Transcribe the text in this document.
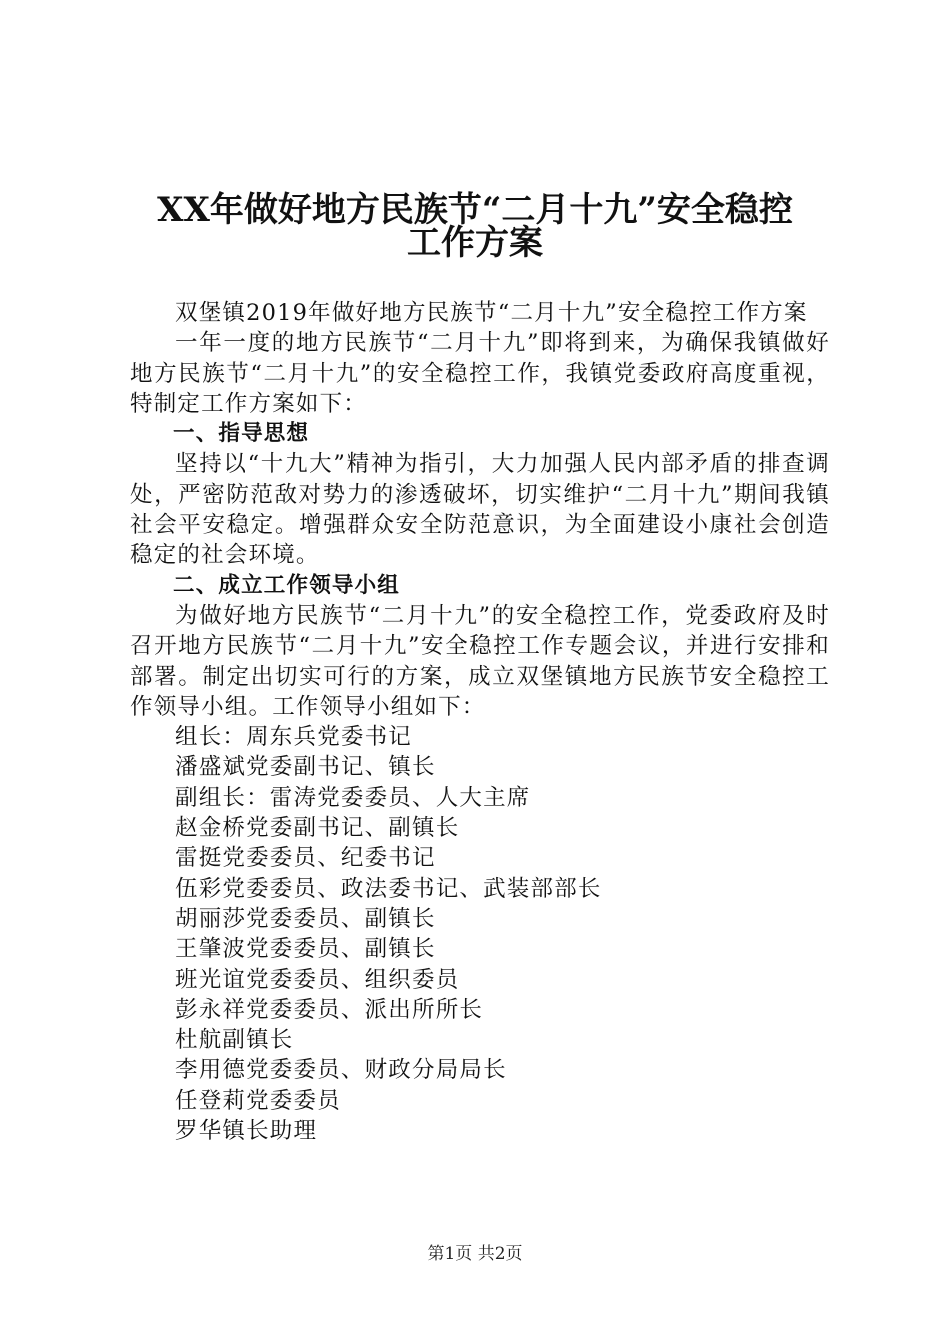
XX年做好地方民族节“二月十九”安全稳控
工作方案

双堡镇2019年做好地方民族节“二月十九”安全稳控工作方案

一年一度的地方民族节“二月十九”即将到来，为确保我镇做好地方民族节“二月十九”的安全稳控工作，我镇党委政府高度重视，特制定工作方案如下：

一、指导思想

坚持以“十九大”精神为指引，大力加强人民内部矛盾的排查调处，严密防范敌对势力的渗透破坏，切实维护“二月十九”期间我镇社会平安稳定。增强群众安全防范意识，为全面建设小康社会创造稳定的社会环境。

二、成立工作领导小组

为做好地方民族节“二月十九”的安全稳控工作，党委政府及时召开地方民族节“二月十九”安全稳控工作专题会议，并进行安排和部署。制定出切实可行的方案，成立双堡镇地方民族节安全稳控工作领导小组。工作领导小组如下：

组长：周东兵党委书记

潘盛斌党委副书记、镇长

副组长：雷涛党委委员、人大主席

赵金桥党委副书记、副镇长

雷挺党委委员、纪委书记

伍彩党委委员、政法委书记、武装部部长

胡丽莎党委委员、副镇长

王肇波党委委员、副镇长

班光谊党委委员、组织委员

彭永祥党委委员、派出所所长

杜航副镇长

李用德党委委员、财政分局局长

任登莉党委委员

罗华镇长助理

第1页 共2页
